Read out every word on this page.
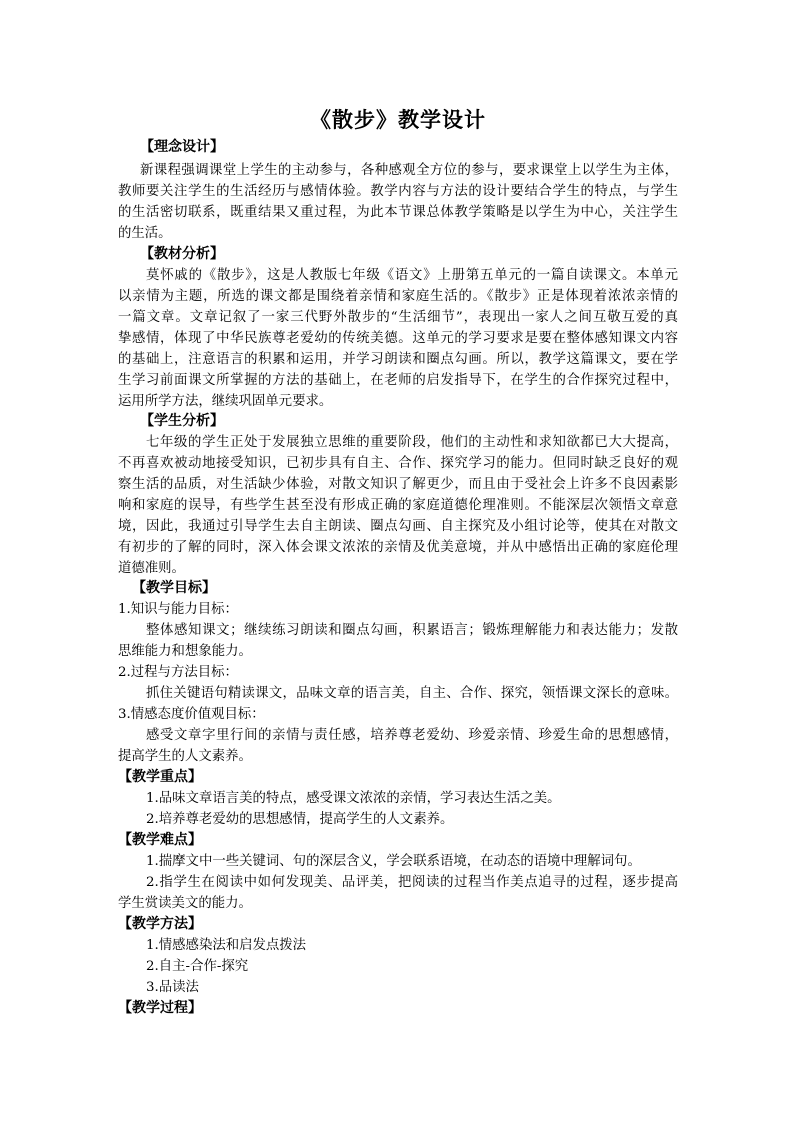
《散步》教学设计
【理念设计】
新课程强调课堂上学生的主动参与，各种感观全方位的参与，要求课堂上以学生为主体，
教师要关注学生的生活经历与感情体验。教学内容与方法的设计要结合学生的特点，与学生
的生活密切联系，既重结果又重过程，为此本节课总体教学策略是以学生为中心，关注学生
的生活。
【教材分析】
莫怀戚的《散步》，这是人教版七年级《语文》上册第五单元的一篇自读课文。本单元
以亲情为主题，所选的课文都是围绕着亲情和家庭生活的。《散步》正是体现着浓浓亲情的
一篇文章。文章记叙了一家三代野外散步的“生活细节”，表现出一家人之间互敬互爱的真
挚感情，体现了中华民族尊老爱幼的传统美德。这单元的学习要求是要在整体感知课文内容
的基础上，注意语言的积累和运用，并学习朗读和圈点勾画。所以，教学这篇课文，要在学
生学习前面课文所掌握的方法的基础上，在老师的启发指导下，在学生的合作探究过程中，
运用所学方法，继续巩固单元要求。
【学生分析】
七年级的学生正处于发展独立思维的重要阶段，他们的主动性和求知欲都已大大提高，
不再喜欢被动地接受知识，已初步具有自主、合作、探究学习的能力。但同时缺乏良好的观
察生活的品质，对生活缺少体验，对散文知识了解更少，而且由于受社会上许多不良因素影
响和家庭的误导，有些学生甚至没有形成正确的家庭道德伦理准则。不能深层次领悟文章意
境，因此，我通过引导学生去自主朗读、圈点勾画、自主探究及小组讨论等，使其在对散文
有初步的了解的同时，深入体会课文浓浓的亲情及优美意境，并从中感悟出正确的家庭伦理
道德准则。
【教学目标】
1.知识与能力目标：
整体感知课文；继续练习朗读和圈点勾画，积累语言；锻炼理解能力和表达能力；发散
思维能力和想象能力。
2.过程与方法目标：
抓住关键语句精读课文，品味文章的语言美，自主、合作、探究，领悟课文深长的意味。
3.情感态度价值观目标：
感受文章字里行间的亲情与责任感，培养尊老爱幼、珍爱亲情、珍爱生命的思想感情，
提高学生的人文素养。
【教学重点】
1.品味文章语言美的特点，感受课文浓浓的亲情，学习表达生活之美。
2.培养尊老爱幼的思想感情，提高学生的人文素养。
【教学难点】
1.揣摩文中一些关键词、句的深层含义，学会联系语境，在动态的语境中理解词句。
2.指学生在阅读中如何发现美、品评美，把阅读的过程当作美点追寻的过程，逐步提高
学生赏读美文的能力。
【教学方法】
1.情感感染法和启发点拨法
2.自主-合作-探究
3.品读法
【教学过程】
